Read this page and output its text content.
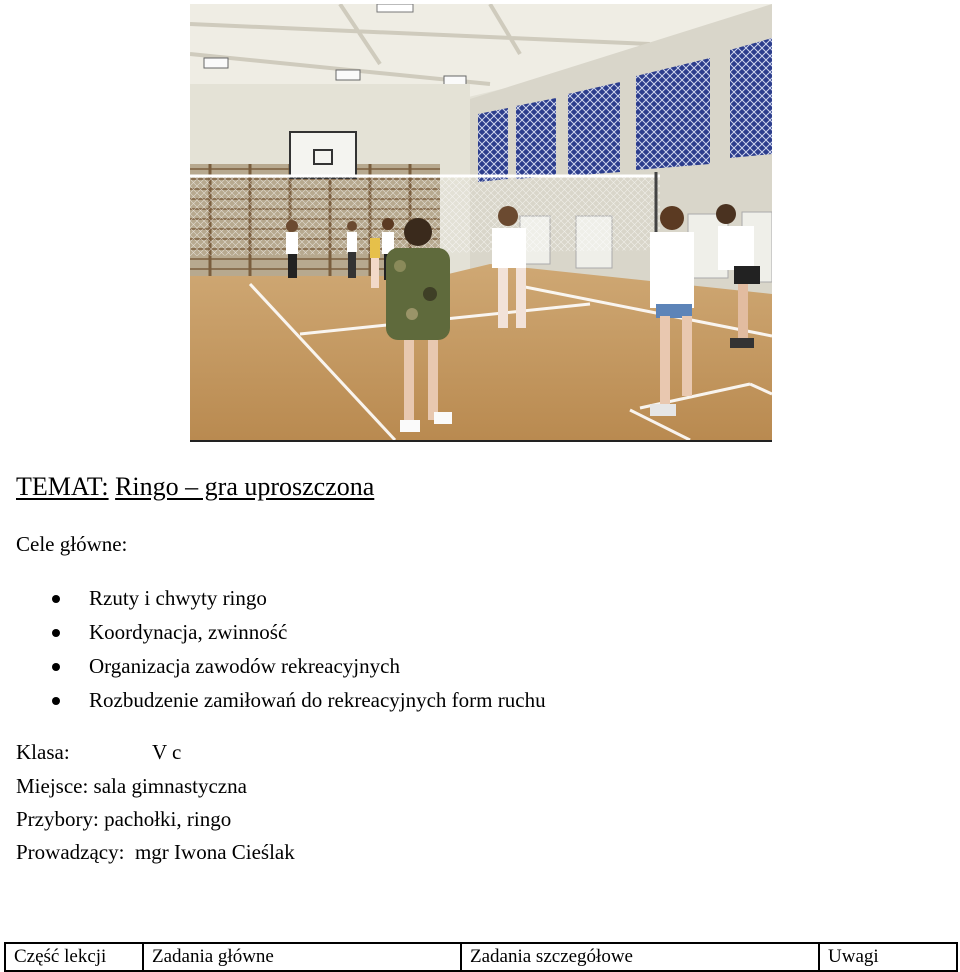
TEMAT: Ringo – gra uproszczona
Cele główne:
Rzuty i chwyty ringo
Koordynacja, zwinność
Organizacja zawodów rekreacyjnych
Rozbudzenie zamiłowań do rekreacyjnych form ruchu
Klasa:	V c
Miejsce: sala gimnastyczna
Przybory: pachołki, ringo
Prowadzący:  mgr Iwona Cieślak
Część lekcji	Zadania główne	Zadania szczegółowe	Uwagi
